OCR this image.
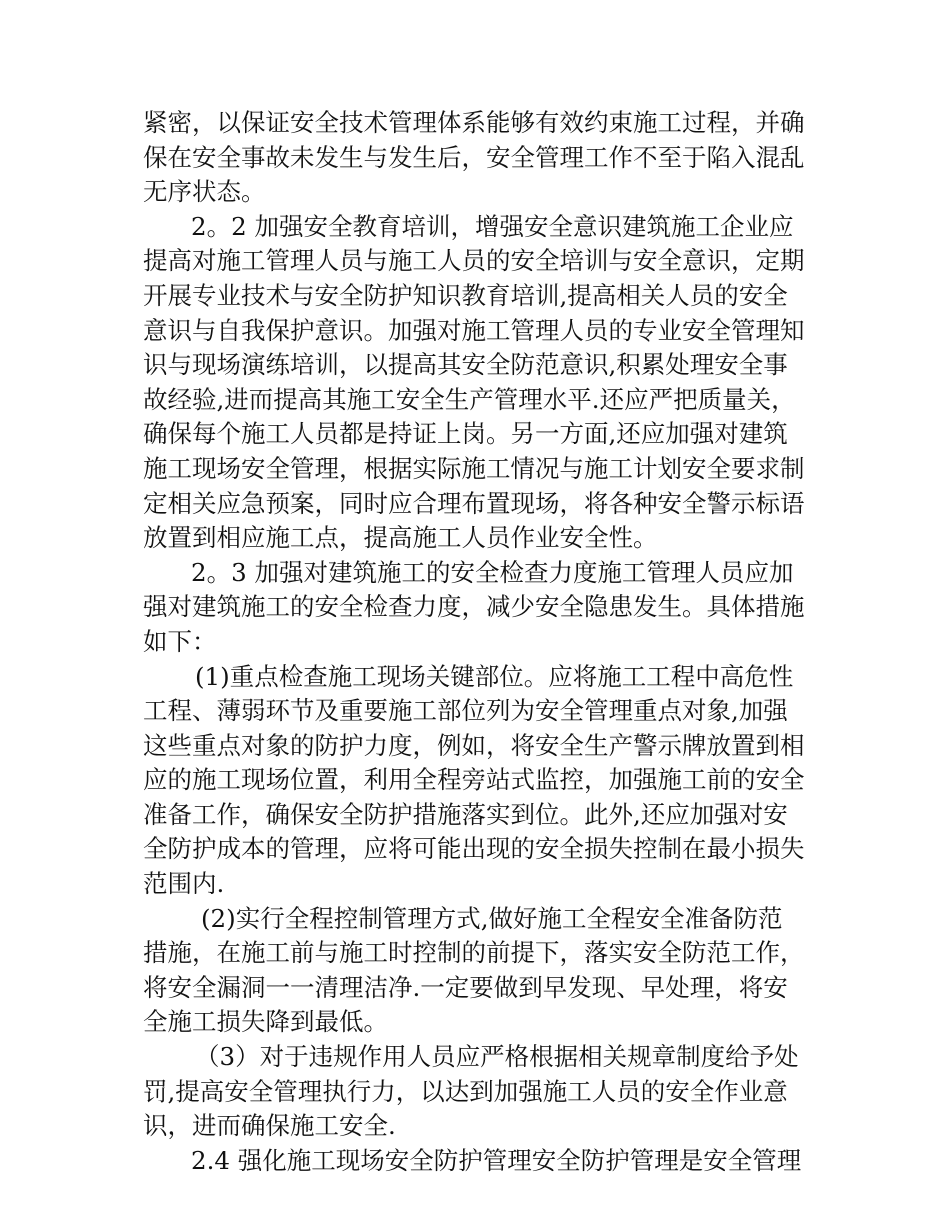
紧密，以保证安全技术管理体系能够有效约束施工过程，并确
保在安全事故未发生与发生后，安全管理工作不至于陷入混乱
无序状态。
2。2 加强安全教育培训，增强安全意识建筑施工企业应
提高对施工管理人员与施工人员的安全培训与安全意识，定期
开展专业技术与安全防护知识教育培训,提高相关人员的安全
意识与自我保护意识。加强对施工管理人员的专业安全管理知
识与现场演练培训，以提高其安全防范意识,积累处理安全事
故经验,进而提高其施工安全生产管理水平.还应严把质量关，
确保每个施工人员都是持证上岗。另一方面,还应加强对建筑
施工现场安全管理，根据实际施工情况与施工计划安全要求制
定相关应急预案，同时应合理布置现场，将各种安全警示标语
放置到相应施工点，提高施工人员作业安全性。
2。3 加强对建筑施工的安全检查力度施工管理人员应加
强对建筑施工的安全检查力度，减少安全隐患发生。具体措施
如下：
(1)重点检查施工现场关键部位。应将施工工程中高危性
工程、薄弱环节及重要施工部位列为安全管理重点对象,加强
这些重点对象的防护力度，例如，将安全生产警示牌放置到相
应的施工现场位置，利用全程旁站式监控，加强施工前的安全
准备工作，确保安全防护措施落实到位。此外,还应加强对安
全防护成本的管理，应将可能出现的安全损失控制在最小损失
范围内.
(2)实行全程控制管理方式,做好施工全程安全准备防范
措施，在施工前与施工时控制的前提下，落实安全防范工作，
将安全漏洞一一清理洁净.一定要做到早发现、早处理，将安
全施工损失降到最低。
（3）对于违规作用人员应严格根据相关规章制度给予处
罚,提高安全管理执行力，以达到加强施工人员的安全作业意
识，进而确保施工安全.
2.4 强化施工现场安全防护管理安全防护管理是安全管理
